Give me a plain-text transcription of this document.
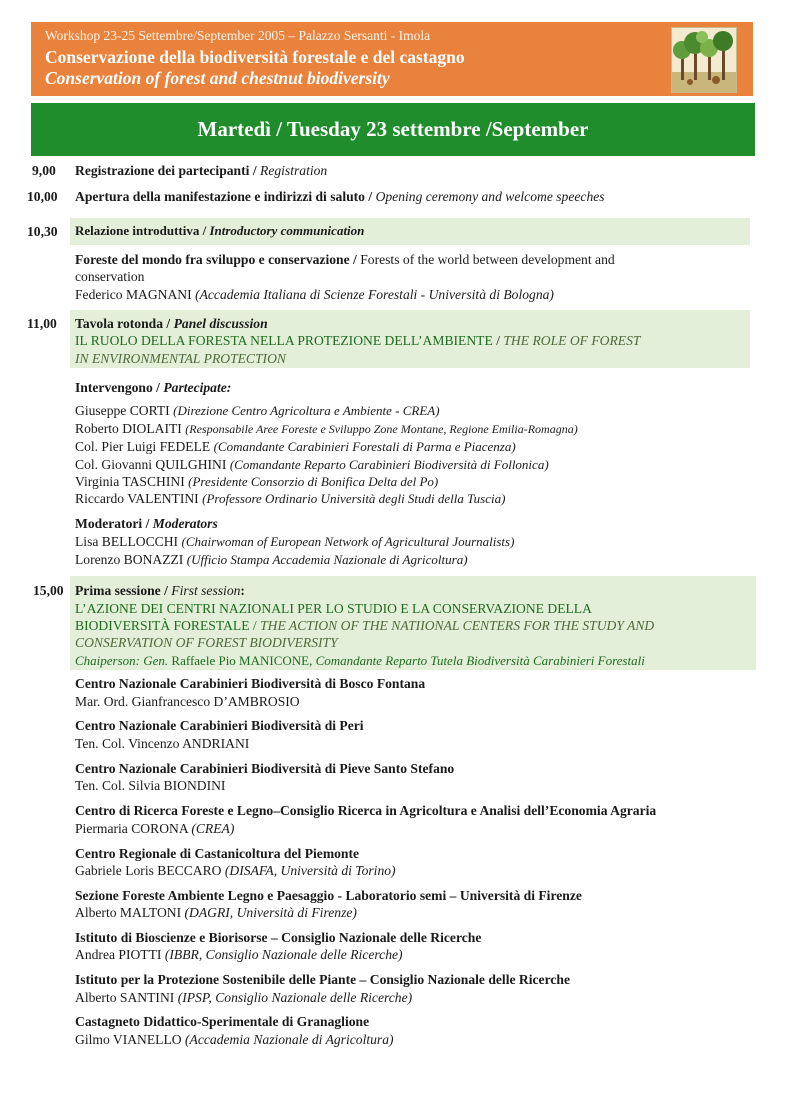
Workshop 23-25 Settembre/September 2005 – Palazzo Sersanti - Imola
Conservazione della biodiversità forestale e del castagno
Conservation of forest and chestnut biodiversity
Martedì / Tuesday 23 settembre /September
9,00 Registrazione dei partecipanti / Registration
10,00 Apertura della manifestazione e indirizzi di saluto / Opening ceremony and welcome speeches
10,30 Relazione introduttiva / Introductory communication
Foreste del mondo fra sviluppo e conservazione / Forests of the world between development and
conservation
Federico MAGNANI (Accademia Italiana di Scienze Forestali - Università di Bologna)
11,00 Tavola rotonda / Panel discussion
IL RUOLO DELLA FORESTA NELLA PROTEZIONE DELL’AMBIENTE / THE ROLE OF FOREST
IN ENVIRONMENTAL PROTECTION
Intervengono / Partecipate:
Giuseppe CORTI (Direzione Centro Agricoltura e Ambiente - CREA)
Roberto DIOLAITI (Responsabile Aree Foreste e Sviluppo Zone Montane, Regione Emilia-Romagna)
Col. Pier Luigi FEDELE (Comandante Carabinieri Forestali di Parma e Piacenza)
Col. Giovanni QUILGHINI (Comandante Reparto Carabinieri Biodiversità di Follonica)
Virginia TASCHINI (Presidente Consorzio di Bonifica Delta del Po)
Riccardo VALENTINI (Professore Ordinario Università degli Studi della Tuscia)
Moderatori / Moderators
Lisa BELLOCCHI (Chairwoman of European Network of Agricultural Journalists)
Lorenzo BONAZZI (Ufficio Stampa Accademia Nazionale di Agricoltura)
15,00 Prima sessione / First session:
L’AZIONE DEI CENTRI NAZIONALI PER LO STUDIO E LA CONSERVAZIONE DELLA
BIODIVERSITÀ FORESTALE / THE ACTION OF THE NATIIONAL CENTERS FOR THE STUDY AND
CONSERVATION OF FOREST BIODIVERSITY
Chaiperson: Gen. Raffaele Pio MANICONE, Comandante Reparto Tutela Biodiversità Carabinieri Forestali
Centro Nazionale Carabinieri Biodiversità di Bosco Fontana
Mar. Ord. Gianfrancesco D’AMBROSIO
Centro Nazionale Carabinieri Biodiversità di Peri
Ten. Col. Vincenzo ANDRIANI
Centro Nazionale Carabinieri Biodiversità di Pieve Santo Stefano
Ten. Col. Silvia BIONDINI
Centro di Ricerca Foreste e Legno–Consiglio Ricerca in Agricoltura e Analisi dell’Economia Agraria
Piermaria CORONA (CREA)
Centro Regionale di Castanicoltura del Piemonte
Gabriele Loris BECCARO (DISAFA, Università di Torino)
Sezione Foreste Ambiente Legno e Paesaggio - Laboratorio semi – Università di Firenze
Alberto MALTONI (DAGRI, Università di Firenze)
Istituto di Bioscienze e Biorisorse – Consiglio Nazionale delle Ricerche
Andrea PIOTTI (IBBR, Consiglio Nazionale delle Ricerche)
Istituto per la Protezione Sostenibile delle Piante – Consiglio Nazionale delle Ricerche
Alberto SANTINI (IPSP, Consiglio Nazionale delle Ricerche)
Castagneto Didattico-Sperimentale di Granaglione
Gilmo VIANELLO (Accademia Nazionale di Agricoltura)
